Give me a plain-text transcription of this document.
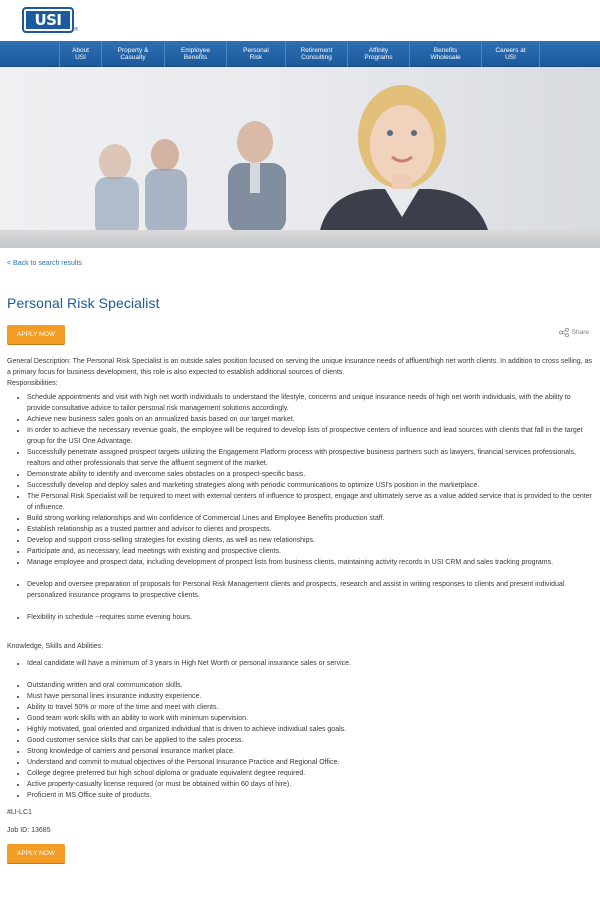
USI
®
About
USI
Property &
Casualty
Employee
Benefits
Personal
Risk
Retirement
Consulting
Affinity
Programs
Benefits
Wholesale
Careers at
USI
< Back to search results
Personal Risk Specialist
APPLY NOW	Share
General Description: The Personal Risk Specialist is an outside sales position focused on serving the unique insurance needs of affluent/high net worth clients. In addition to cross selling, as a primary focus for business development, this role is also expected to establish additional sources of clients.
Responsibilities:
• Schedule appointments and visit with high net worth individuals to understand the lifestyle, concerns and unique insurance needs of high net worth individuals, with the ability to provide consultative advice to tailor personal risk management solutions accordingly.
• Achieve new business sales goals on an annualized basis based on our target market.
• In order to achieve the necessary revenue goals, the employee will be required to develop lists of prospective centers of influence and lead sources with clients that fall in the target group for the USI One Advantage.
• Successfully penetrate assigned prospect targets utilizing the Engagement Platform process with prospective business partners such as lawyers, financial services professionals, realtors and other professionals that serve the affluent segment of the market.
• Demonstrate ability to identify and overcome sales obstacles on a prospect-specific basis.
• Successfully develop and deploy sales and marketing strategies along with periodic communications to optimize USI's position in the marketplace.
• The Personal Risk Specialist will be required to meet with external centers of influence to prospect, engage and ultimately serve as a value added service that is provided to the center of influence.
• Build strong working relationships and win confidence of Commercial Lines and Employee Benefits production staff.
• Establish relationship as a trusted partner and advisor to clients and prospects.
• Develop and support cross-selling strategies for existing clients, as well as new relationships.
• Participate and, as necessary, lead meetings with existing and prospective clients.
• Manage employee and prospect data, including development of prospect lists from business clients, maintaining activity records in USI CRM and sales tracking programs.
• Develop and oversee preparation of proposals for Personal Risk Management clients and prospects, research and assist in writing responses to clients and present individual personalized insurance programs to prospective clients.
• Flexibility in schedule --requires some evening hours.
Knowledge, Skills and Abilities:
• Ideal candidate will have a minimum of 3 years in High Net Worth or personal insurance sales or service.
• Outstanding written and oral communication skills.
• Must have personal lines insurance industry experience.
• Ability to travel 50% or more of the time and meet with clients.
• Good team work skills with an ability to work with minimum supervision.
• Highly motivated, goal oriented and organized individual that is driven to achieve individual sales goals.
• Good customer service skills that can be applied to the sales process.
• Strong knowledge of carriers and personal insurance market place.
• Understand and commit to mutual objectives of the Personal Insurance Practice and Regional Office.
• College degree preferred but high school diploma or graduate equivalent degree required.
• Active property-casualty license required (or must be obtained within 60 days of hire).
• Proficient in MS Office suite of products.
#LI-LC1
Job ID: 13685
APPLY NOW
